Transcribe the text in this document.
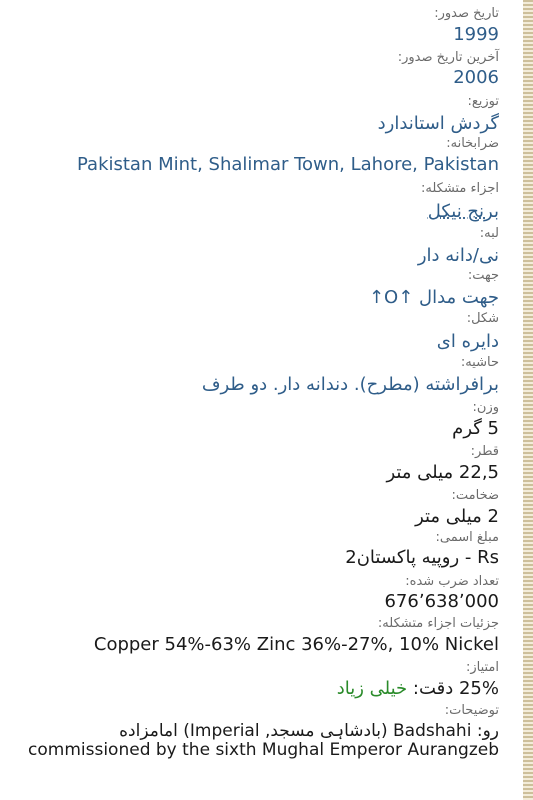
تاریخ صدور:
1999
آخرین تاریخ صدور:
2006
توزیع:
گردش استاندارد
ضرابخانه:
Pakistan Mint, Shalimar Town, Lahore, Pakistan
اجزاء متشکله:
برنج نیکل
لبه:
نی/دانه دار
جهت:
جهت مدال ↑O↑
شکل:
دایره ای
حاشیه:
برافراشته (مطرح). دندانه دار. دو طرف
وزن:
5 گرم
قطر:
22,5 میلی متر
ضخامت:
2 میلی متر
مبلغ اسمی:
Rs - روپیه پاکستان2
تعداد ضرب شده:
676٬638٬000
جزئیات اجزاء متشکله:
Copper 54%-63% Zinc 36%-27%, 10% Nickel
امتیاز:
25% دقت: خیلی زیاد
توضیحات:
رو: Badshahi (بادشاہی مسجد, Imperial) امامزاده commissioned by the sixth Mughal Emperor Aurangzeb
